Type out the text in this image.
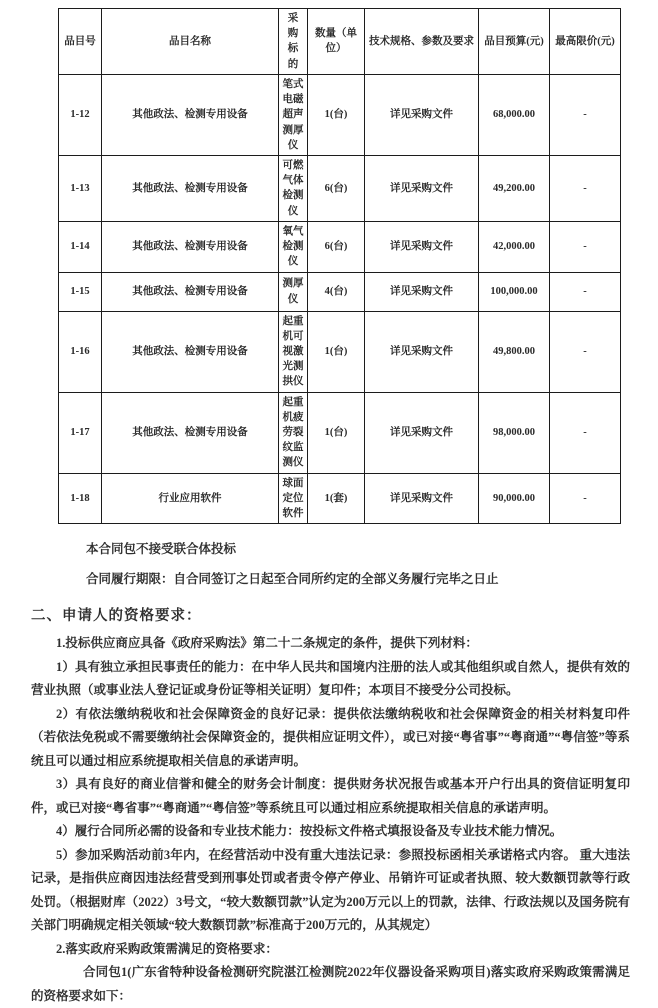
品目号	品目名称	采购标的	数量（单位）	技术规格、参数及要求	品目预算(元)	最高限价(元)
1-12	其他政法、检测专用设备	笔式电磁超声测厚仪	1(台)	详见采购文件	68,000.00	-
1-13	其他政法、检测专用设备	可燃气体检测仪	6(台)	详见采购文件	49,200.00	-
1-14	其他政法、检测专用设备	氧气检测仪	6(台)	详见采购文件	42,000.00	-
1-15	其他政法、检测专用设备	测厚仪	4(台)	详见采购文件	100,000.00	-
1-16	其他政法、检测专用设备	起重机可视激光测拱仪	1(台)	详见采购文件	49,800.00	-
1-17	其他政法、检测专用设备	起重机疲劳裂纹监测仪	1(台)	详见采购文件	98,000.00	-
1-18	行业应用软件	球面定位软件	1(套)	详见采购文件	90,000.00	-

本合同包不接受联合体投标

合同履行期限：自合同签订之日起至合同所约定的全部义务履行完毕之日止

二、申请人的资格要求：

1.投标供应商应具备《政府采购法》第二十二条规定的条件，提供下列材料：

1）具有独立承担民事责任的能力：在中华人民共和国境内注册的法人或其他组织或自然人，提供有效的营业执照（或事业法人登记证或身份证等相关证明）复印件；本项目不接受分公司投标。

2）有依法缴纳税收和社会保障资金的良好记录：提供依法缴纳税收和社会保障资金的相关材料复印件（若依法免税或不需要缴纳社会保障资金的，提供相应证明文件），或已对接“粤省事”“粤商通”“粤信签”等系统且可以通过相应系统提取相关信息的承诺声明。

3）具有良好的商业信誉和健全的财务会计制度：提供财务状况报告或基本开户行出具的资信证明复印件，或已对接“粤省事”“粤商通”“粤信签”等系统且可以通过相应系统提取相关信息的承诺声明。

4）履行合同所必需的设备和专业技术能力：按投标文件格式填报设备及专业技术能力情况。

5）参加采购活动前3年内，在经营活动中没有重大违法记录：参照投标函相关承诺格式内容。 重大违法记录，是指供应商因违法经营受到刑事处罚或者责令停产停业、吊销许可证或者执照、较大数额罚款等行政处罚。（根据财库（2022）3号文，“较大数额罚款”认定为200万元以上的罚款，法律、行政法规以及国务院有关部门明确规定相关领域“较大数额罚款”标准高于200万元的，从其规定）

2.落实政府采购政策需满足的资格要求：

合同包1(广东省特种设备检测研究院湛江检测院2022年仪器设备采购项目)落实政府采购政策需满足的资格要求如下：
